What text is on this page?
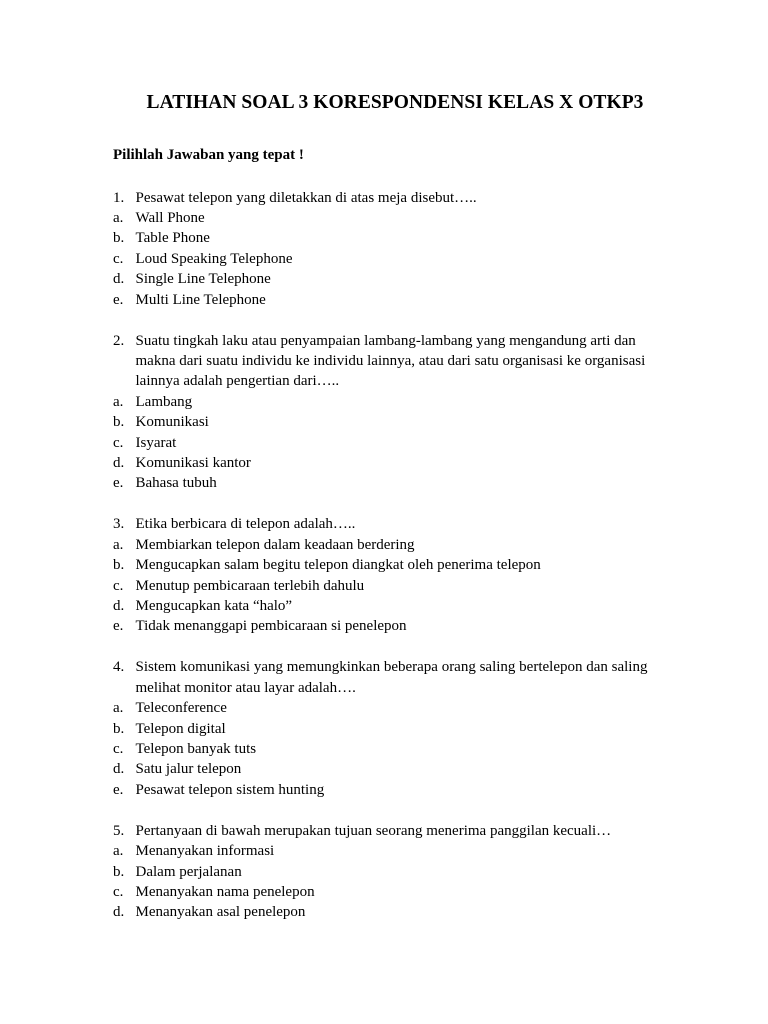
LATIHAN SOAL 3 KORESPONDENSI KELAS X OTKP3
Pilihlah Jawaban yang tepat !
1. Pesawat telepon yang diletakkan di atas meja disebut…..
a. Wall Phone
b. Table Phone
c. Loud Speaking Telephone
d. Single Line Telephone
e. Multi Line Telephone
2. Suatu tingkah laku atau penyampaian lambang-lambang yang mengandung arti dan
makna dari suatu individu ke individu lainnya, atau dari satu organisasi ke organisasi
lainnya adalah pengertian dari…..
a. Lambang
b. Komunikasi
c. Isyarat
d. Komunikasi kantor
e. Bahasa tubuh
3. Etika berbicara di telepon adalah…..
a. Membiarkan telepon dalam keadaan berdering
b. Mengucapkan salam begitu telepon diangkat oleh penerima telepon
c. Menutup pembicaraan terlebih dahulu
d. Mengucapkan kata “halo”
e. Tidak menanggapi pembicaraan si penelepon
4. Sistem komunikasi yang memungkinkan beberapa orang saling bertelepon dan saling
melihat monitor atau layar adalah….
a. Teleconference
b. Telepon digital
c. Telepon banyak tuts
d. Satu jalur telepon
e. Pesawat telepon sistem hunting
5. Pertanyaan di bawah merupakan tujuan seorang menerima panggilan kecuali…
a. Menanyakan informasi
b. Dalam perjalanan
c. Menanyakan nama penelepon
d. Menanyakan asal penelepon
